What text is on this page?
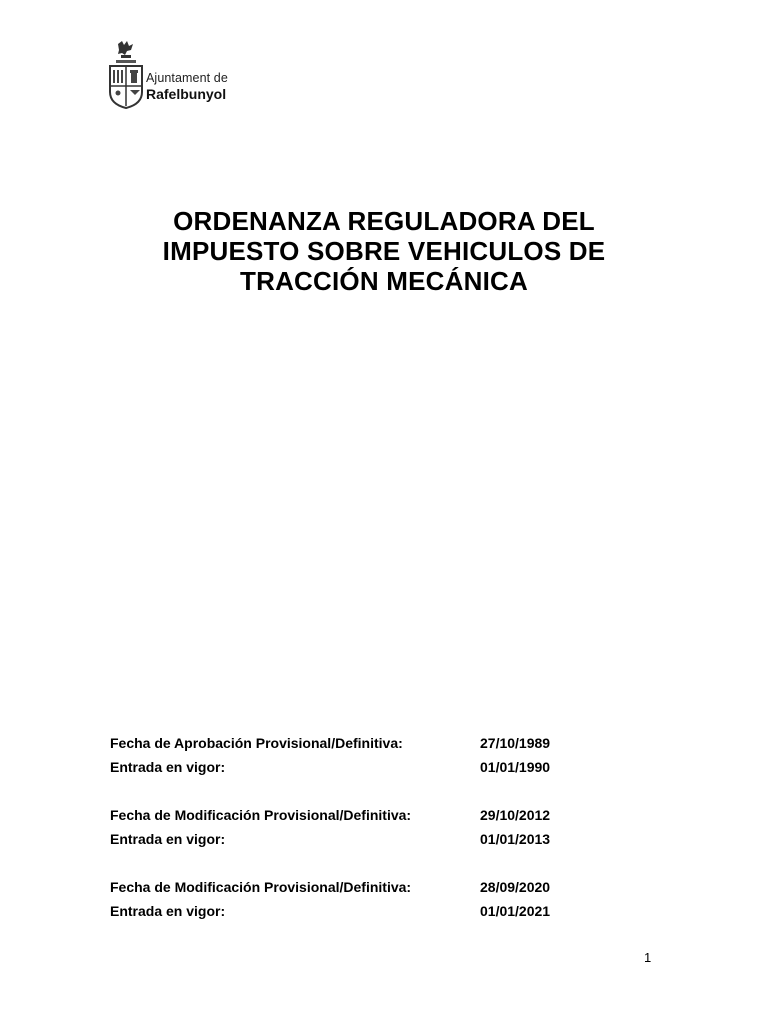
Ajuntament de
Rafelbunyol
ORDENANZA REGULADORA DEL
IMPUESTO SOBRE VEHICULOS DE
TRACCIÓN MECÁNICA
Fecha de Aprobación Provisional/Definitiva:	27/10/1989
Entrada en vigor:	01/01/1990
Fecha de Modificación Provisional/Definitiva:	29/10/2012
Entrada en vigor:	01/01/2013
Fecha de Modificación Provisional/Definitiva:	28/09/2020
Entrada en vigor:	01/01/2021
1
